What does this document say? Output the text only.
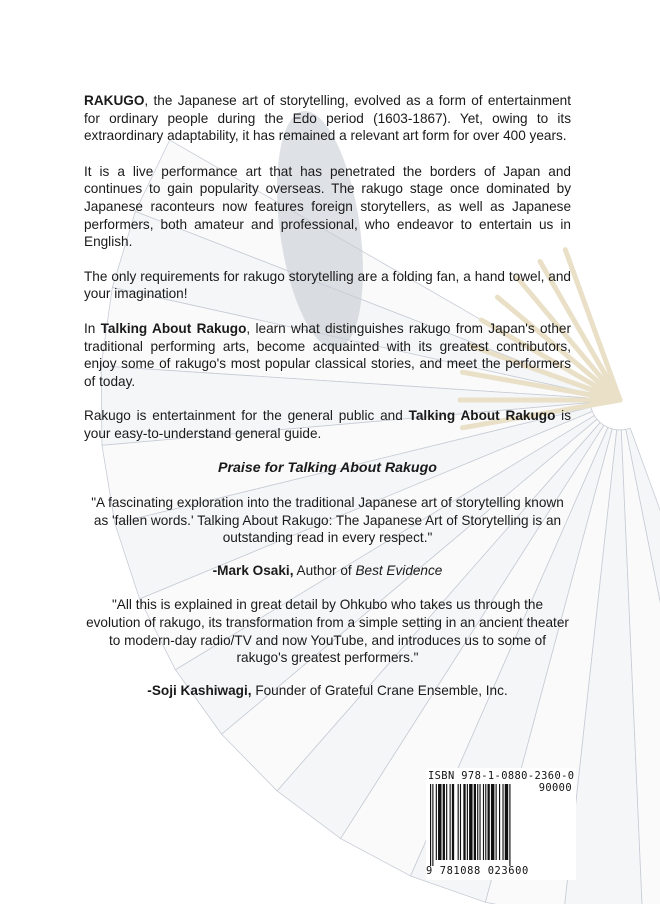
RAKUGO, the Japanese art of storytelling, evolved as a form of entertainment for ordinary people during the Edo period (1603-1867). Yet, owing to its extraordinary adaptability, it has remained a relevant art form for over 400 years.

It is a live performance art that has penetrated the borders of Japan and continues to gain popularity overseas. The rakugo stage once dominated by Japanese raconteurs now features foreign storytellers, as well as Japanese performers, both amateur and professional, who endeavor to entertain us in English.

The only requirements for rakugo storytelling are a folding fan, a hand towel, and your imagination!

In Talking About Rakugo, learn what distinguishes rakugo from Japan's other traditional performing arts, become acquainted with its greatest contributors, enjoy some of rakugo's most popular classical stories, and meet the performers of today.

Rakugo is entertainment for the general public and Talking About Rakugo is your easy-to-understand general guide.

Praise for Talking About Rakugo

"A fascinating exploration into the traditional Japanese art of storytelling known as 'fallen words.' Talking About Rakugo: The Japanese Art of Storytelling is an outstanding read in every respect."

-Mark Osaki, Author of Best Evidence

"All this is explained in great detail by Ohkubo who takes us through the evolution of rakugo, its transformation from a simple setting in an ancient theater to modern-day radio/TV and now YouTube, and introduces us to some of rakugo's greatest performers."

-Soji Kashiwagi, Founder of Grateful Crane Ensemble, Inc.

ISBN 978-1-0880-2360-0
90000
9 781088 023600
